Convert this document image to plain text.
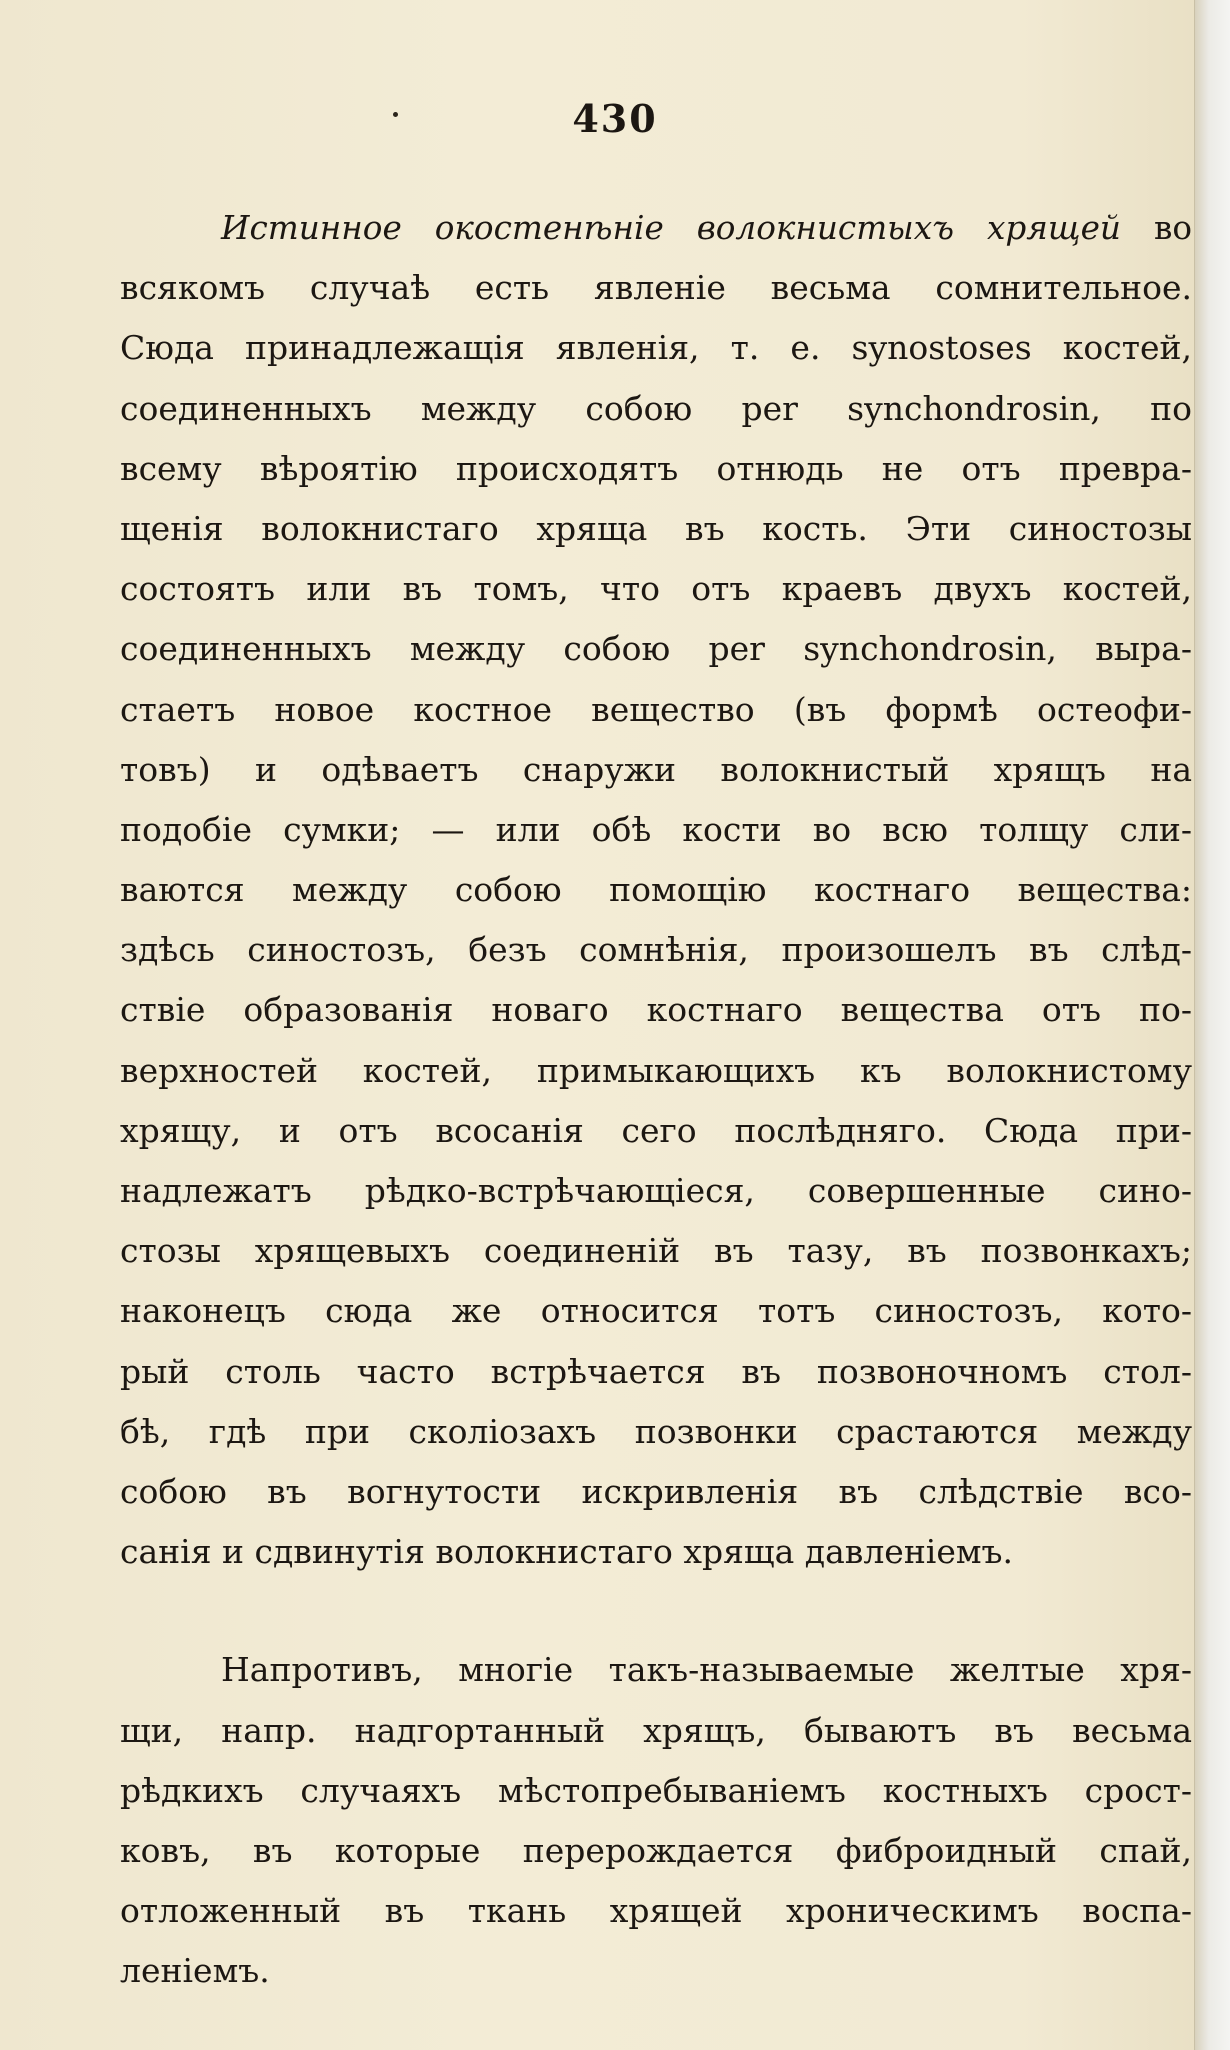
430
Истинное окостенѣніе волокнистыхъ хрящей во
всякомъ случаѣ есть явленіе весьма сомнительное.
Сюда принадлежащія явленія, т. е. synostoses костей,
соединенныхъ между собою per synchondrosin, по
всему вѣроятію происходятъ отнюдь не отъ превра-
щенія волокнистаго хряща въ кость. Эти синостозы
состоятъ или въ томъ, что отъ краевъ двухъ костей,
соединенныхъ между собою per synchondrosin, выра-
стаетъ новое костное вещество (въ формѣ остеофи-
товъ) и одѣваетъ снаружи волокнистый хрящъ на
подобіе сумки; — или обѣ кости во всю толщу сли-
ваются между собою помощію костнаго вещества:
здѣсь синостозъ, безъ сомнѣнія, произошелъ въ слѣд-
ствіе образованія новаго костнаго вещества отъ по-
верхностей костей, примыкающихъ къ волокнистому
хрящу, и отъ всосанія сего послѣдняго. Сюда при-
надлежатъ рѣдко-встрѣчающіеся, совершенные сино-
стозы хрящевыхъ соединеній въ тазу, въ позвонкахъ;
наконецъ сюда же относится тотъ синостозъ, кото-
рый столь часто встрѣчается въ позвоночномъ стол-
бѣ, гдѣ при сколіозахъ позвонки срастаются между
собою въ вогнутости искривленія въ слѣдствіе всо-
санія и сдвинутія волокнистаго хряща давленіемъ.
Напротивъ, многіе такъ-называемые желтые хря-
щи, напр. надгортанный хрящъ, бываютъ въ весьма
рѣдкихъ случаяхъ мѣстопребываніемъ костныхъ срост-
ковъ, въ которые перерождается фиброидный спай,
отложенный въ ткань хрящей хроническимъ воспа-
леніемъ.
